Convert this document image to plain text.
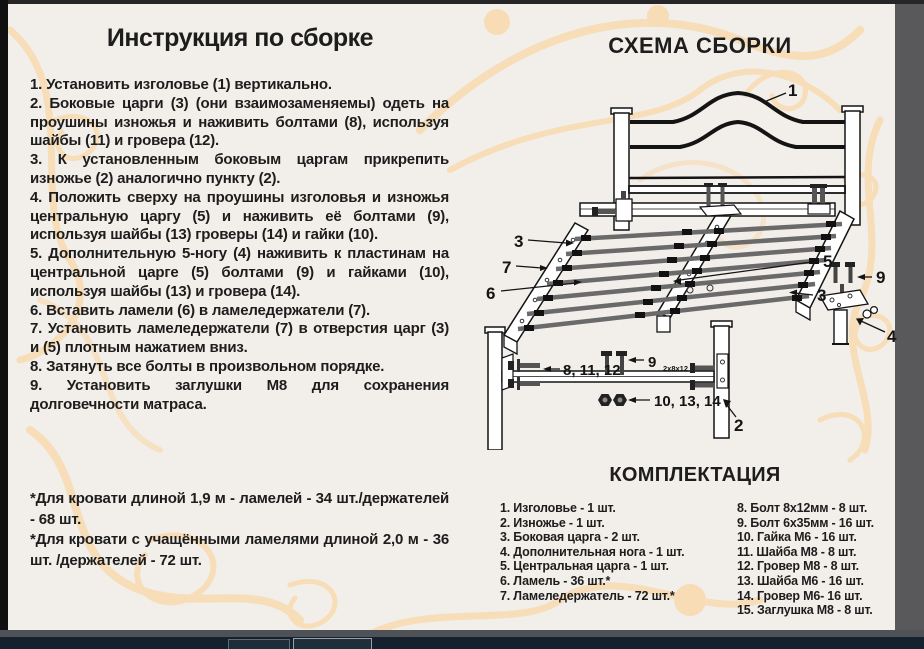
Инструкция по сборке

1. Установить изголовье (1) вертикально.

2. Боковые царги (3) (они взаимозаменяемы) одеть на проушины изножья и наживить болтами (8), используя шайбы (11) и гровера (12).

3. К установленным боковым царгам прикрепить изножье (2) аналогично пункту (2).

4. Положить сверху на проушины изголовья и изножья центральную царгу (5) и наживить её болтами (9), используя шайбы (13) гроверы (14) и гайки (10).

5. Дополнительную 5-ногу (4) наживить к пластинам на центральной царге (5) болтами (9) и гайками (10), используя шайбы (13) и гровера (14).

6. Вставить ламели (6) в ламеледержатели (7).

7. Установить ламеледержатели (7) в отверстия царг (3) и (5) плотным нажатием вниз.

8. Затянуть все болты в произвольном порядке.

9. Установить заглушки М8 для сохранения долговечности матраса.

*Для кровати длиной 1,9 м - ламелей - 34 шт./держателей - 68 шт.

*Для кровати с учащёнными ламелями длиной 2,0 м - 36 шт. /держателей - 72 шт.

СХЕМА СБОРКИ
1
3
7
6
5
3
9
4
2
8, 11, 12 9 2х8х12
10, 13, 14
КОМПЛЕКТАЦИЯ
1. Изголовье - 1 шт.
2. Изножье - 1 шт.
3. Боковая царга - 2 шт.
4. Дополнительная нога - 1 шт.
5. Центральная царга - 1 шт.
6. Ламель - 36 шт.*
7. Ламеледержатель - 72 шт.*
8. Болт 8х12мм - 8 шт.
9. Болт 6х35мм - 16 шт.
10. Гайка М6 - 16 шт.
11. Шайба М8 - 8 шт.
12. Гровер М8 - 8 шт.
13. Шайба М6 - 16 шт.
14. Гровер М6- 16 шт.
15. Заглушка М8 - 8 шт.
